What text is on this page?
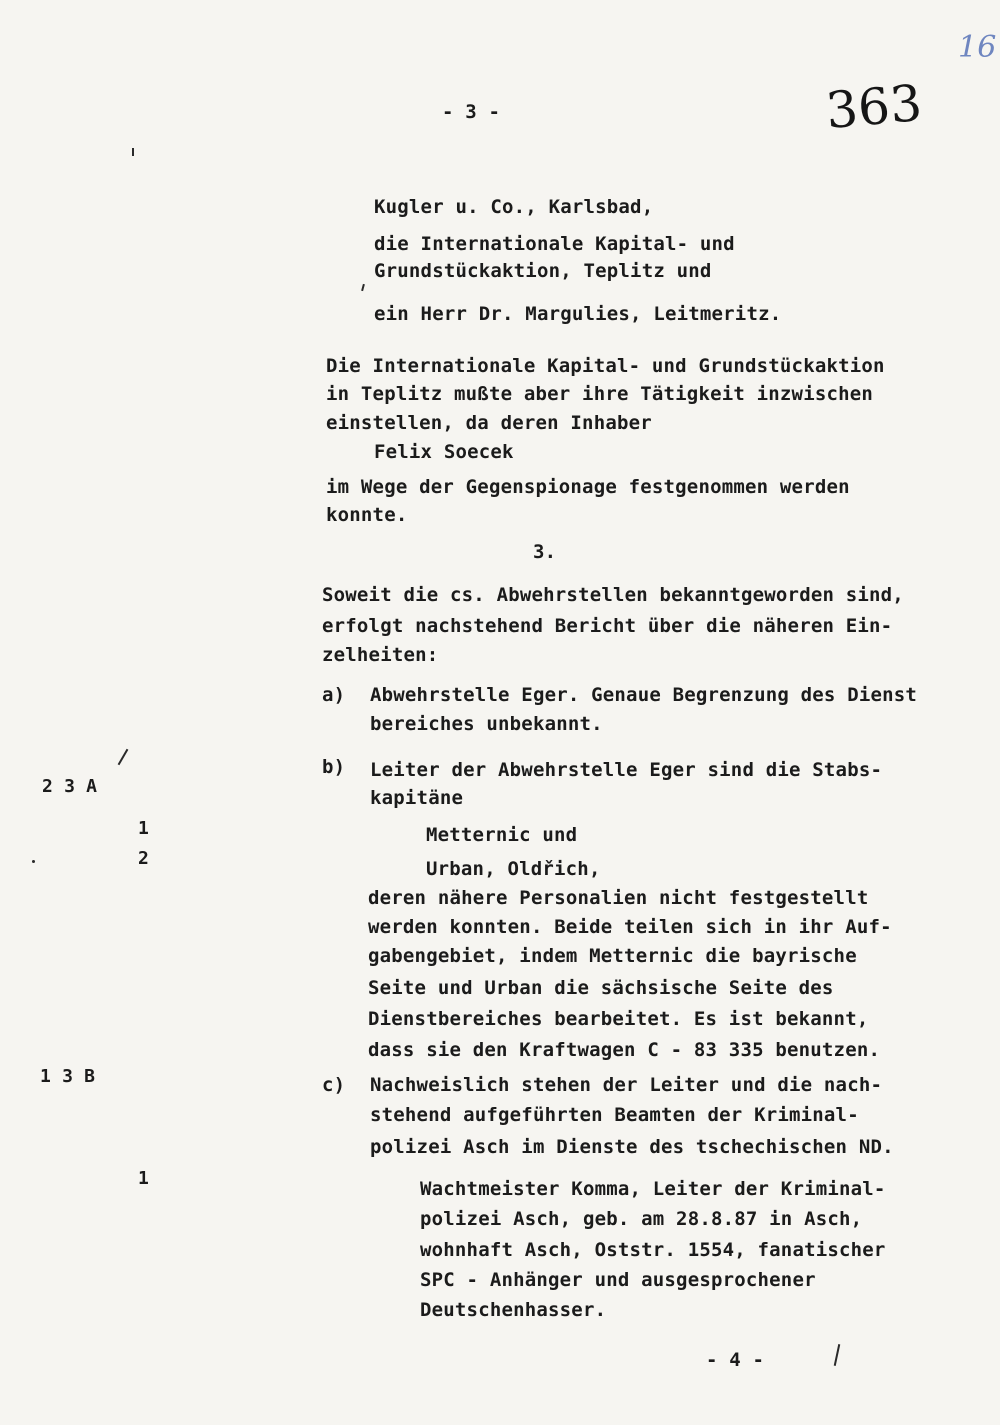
363
16
- 3 -
Kugler u. Co., Karlsbad,
die Internationale Kapital- und
Grundstückaktion, Teplitz und
ein Herr Dr. Margulies, Leitmeritz.
Die Internationale Kapital- und Grundstückaktion
in Teplitz mußte aber ihre Tätigkeit inzwischen
einstellen, da deren Inhaber
Felix Soecek
im Wege der Gegenspionage festgenommen werden
konnte.
3.
Soweit die cs. Abwehrstellen bekanntgeworden sind,
erfolgt nachstehend Bericht über die näheren Ein-
zelheiten:
a) Abwehrstelle Eger. Genaue Begrenzung des Dienst
bereiches unbekannt.
b) Leiter der Abwehrstelle Eger sind die Stabs-
kapitäne
Metternic und
Urban, Oldřich,
deren nähere Personalien nicht festgestellt
werden konnten. Beide teilen sich in ihr Auf-
gabengebiet, indem Metternic die bayrische
Seite und Urban die sächsische Seite des
Dienstbereiches bearbeitet. Es ist bekannt,
dass sie den Kraftwagen C - 83 335 benutzen.
c) Nachweislich stehen der Leiter und die nach-
stehend aufgeführten Beamten der Kriminal-
polizei Asch im Dienste des tschechischen ND.
Wachtmeister Komma, Leiter der Kriminal-
polizei Asch, geb. am 28.8.87 in Asch,
wohnhaft Asch, Oststr. 1554, fanatischer
SPC - Anhänger und ausgesprochener
Deutschenhasser.
2 3 A
1
2
1 3 B
1
- 4 -
